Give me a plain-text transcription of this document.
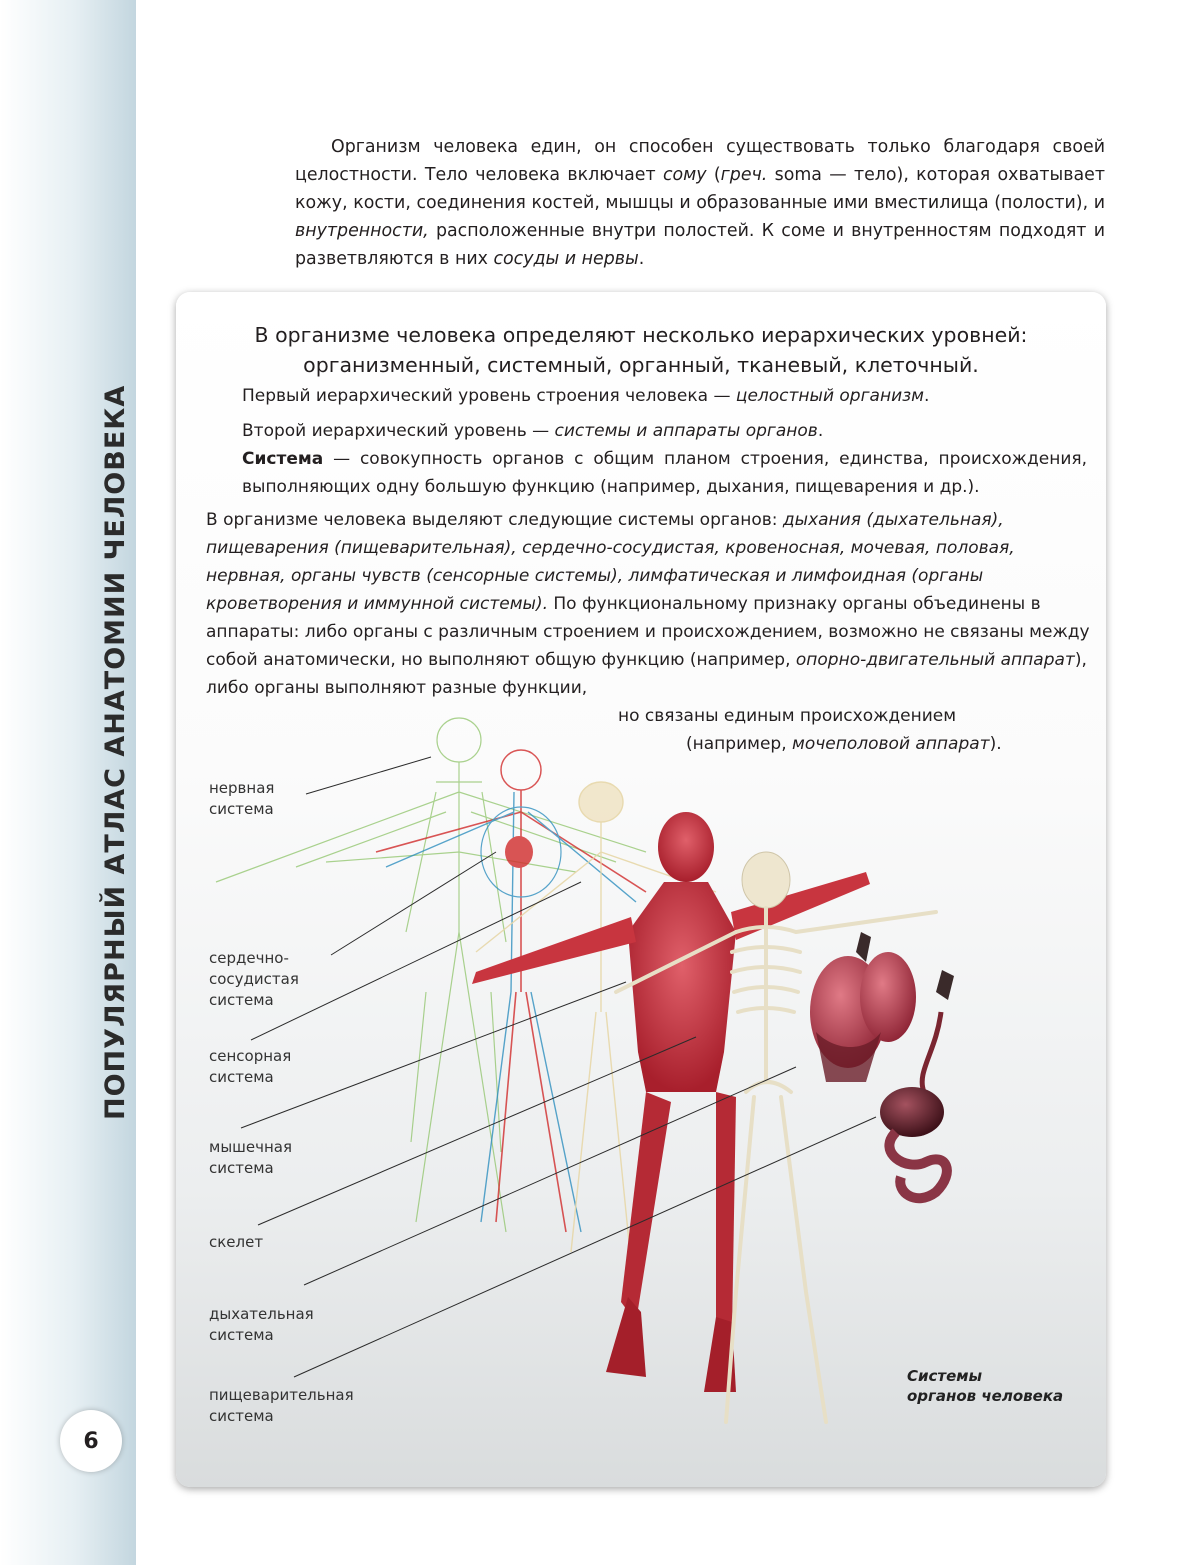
ПОПУЛЯРНЫЙ АТЛАС АНАТОМИИ ЧЕЛОВЕКА
6

Организм человека един, он способен существовать только благодаря своей целостности. Тело человека включает сому (греч. soma — тело), которая охватывает кожу, кости, соединения костей, мышцы и образованные ими вместилища (полости), и внутренности, расположенные внутри полостей. К соме и внутренностям подходят и разветвляются в них сосуды и нервы.

В организме человека определяют несколько иерархических уровней:
организменный, системный, органный, тканевый, клеточный.
Первый иерархический уровень строения человека — целостный организм.
Второй иерархический уровень — системы и аппараты органов.
Система — совокупность органов с общим планом строения, единства, происхождения, выполняющих одну большую функцию (например, дыхания, пищеварения и др.).
В организме человека выделяют следующие системы органов: дыхания (дыхательная), пищеварения (пищеварительная), сердечно-сосудистая, кровеносная, мочевая, половая, нервная, органы чувств (сенсорные системы), лимфатическая и лимфоидная (органы кроветворения и иммунной системы). По функциональному признаку органы объединены в аппараты: либо органы с различным строением и происхождением, возможно не связаны между собой анатомически, но выполняют общую функцию (например, опорно-двигательный аппарат), либо органы выполняют разные функции,
но связаны единым происхождением
(например, мочеполовой аппарат).
нервная
система
сердечно-
сосудистая
система
сенсорная
система
мышечная
система
скелет
дыхательная
система
пищеварительная
система
Системы
органов человека
